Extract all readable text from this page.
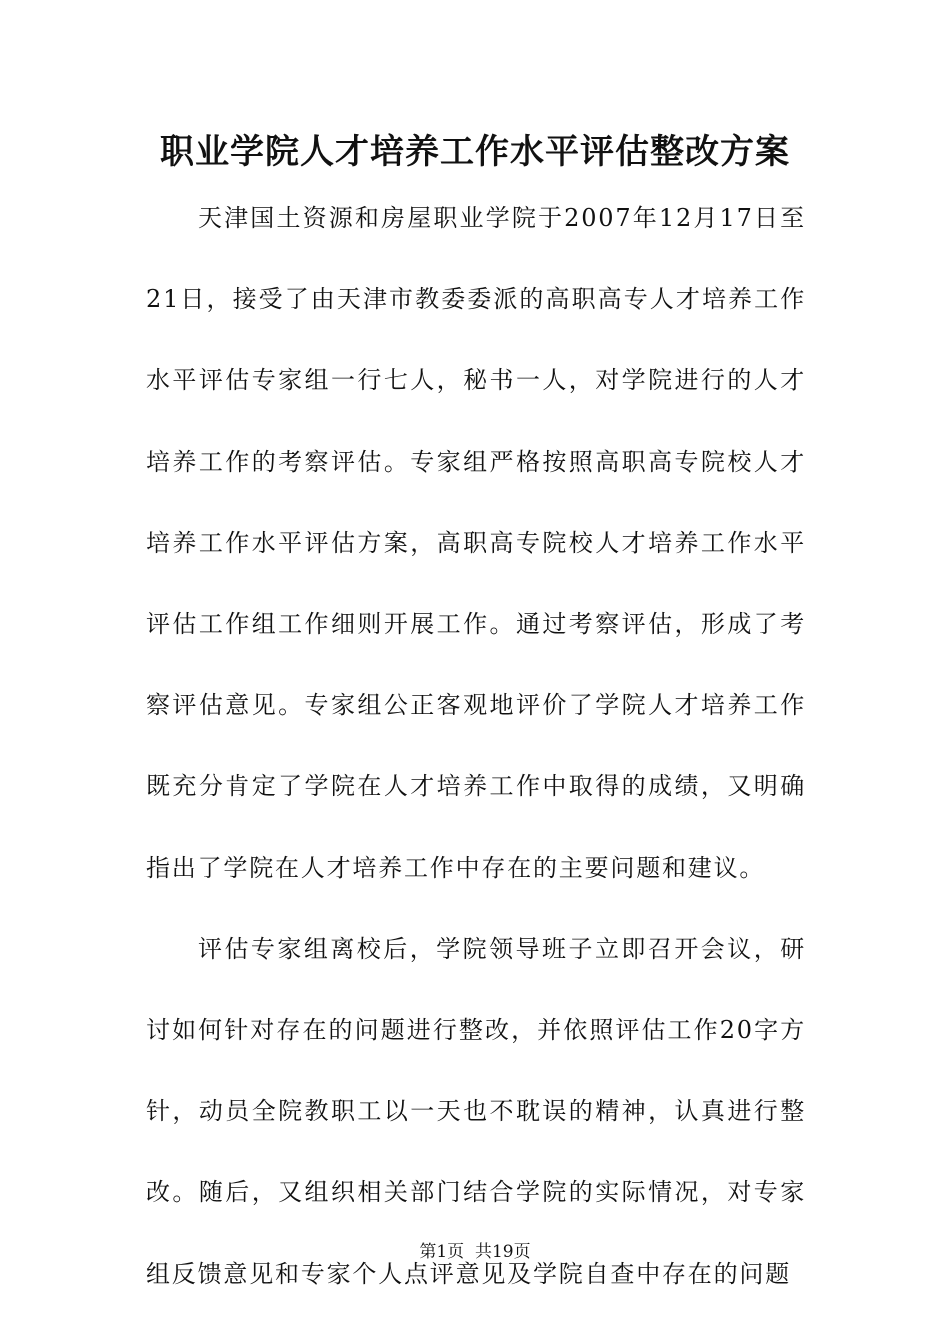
职业学院人才培养工作水平评估整改方案

天津国土资源和房屋职业学院于2007年12月17日至21日，接受了由天津市教委委派的高职高专人才培养工作水平评估专家组一行七人，秘书一人，对学院进行的人才培养工作的考察评估。专家组严格按照高职高专院校人才培养工作水平评估方案，高职高专院校人才培养工作水平评估工作组工作细则开展工作。通过考察评估，形成了考察评估意见。专家组公正客观地评价了学院人才培养工作既充分肯定了学院在人才培养工作中取得的成绩，又明确指出了学院在人才培养工作中存在的主要问题和建议。

评估专家组离校后，学院领导班子立即召开会议，研讨如何针对存在的问题进行整改，并依照评估工作20字方针，动员全院教职工以一天也不耽误的精神，认真进行整改。随后，又组织相关部门结合学院的实际情况，对专家组反馈意见和专家个人点评意见及学院自查中存在的问题

第1页  共19页
